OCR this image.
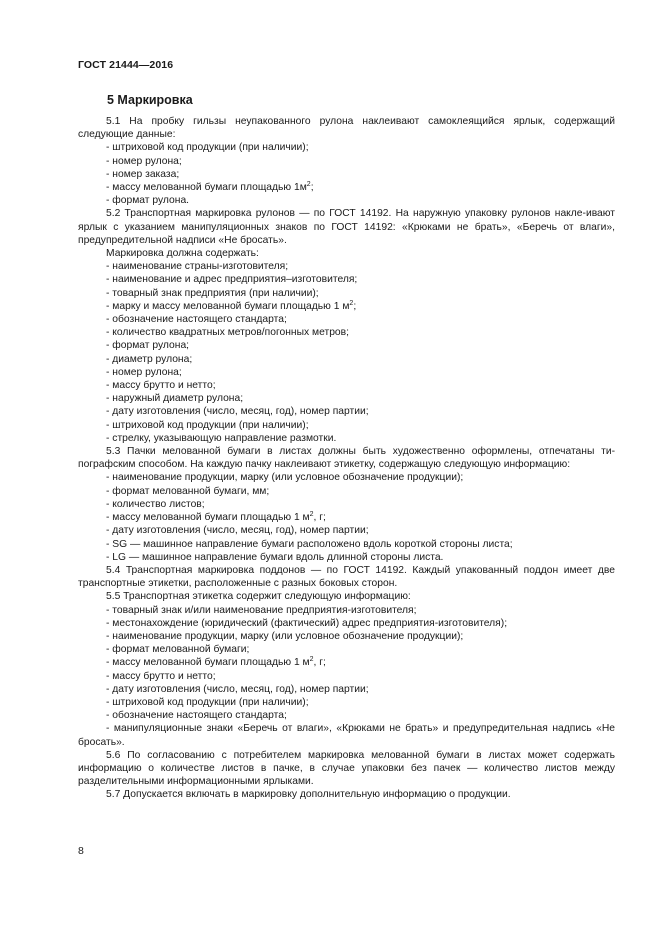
ГОСТ 21444—2016
5 Маркировка

5.1 На пробку гильзы неупакованного рулона наклеивают самоклеящийся ярлык, содержащий следующие данные:

- штриховой код продукции (при наличии);
- номер рулона;
- номер заказа;
- массу мелованной бумаги площадью $1м^2$;
- формат рулона.

5.2 Транспортная маркировка рулонов — по ГОСТ 14192. На наружную упаковку рулонов накле-ивают ярлык с указанием манипуляционных знаков по ГОСТ 14192: «Крюками не брать», «Беречь от влаги», предупредительной надписи «Не бросать».

Маркировка должна содержать:

- наименование страны-изготовителя;
- наименование и адрес предприятия–изготовителя;
- товарный знак предприятия (при наличии);
- марку и массу мелованной бумаги площадью 1 $м^2$;
- обозначение настоящего стандарта;
- количество квадратных метров/погонных метров;
- формат рулона;
- диаметр рулона;
- номер рулона;
- массу брутто и нетто;
- наружный диаметр рулона;
- дату изготовления (число, месяц, год), номер партии;
- штриховой код продукции (при наличии);
- стрелку, указывающую направление размотки.

5.3 Пачки мелованной бумаги в листах должны быть художественно оформлены, отпечатаны ти-пографским способом. На каждую пачку наклеивают этикетку, содержащую следующую информацию:

- наименование продукции, марку (или условное обозначение продукции);
- формат мелованной бумаги, мм;
- количество листов;
- массу мелованной бумаги площадью 1 $м^2$, г;
- дату изготовления (число, месяц, год), номер партии;
- SG — машинное направление бумаги расположено вдоль короткой стороны листа;
- LG — машинное направление бумаги вдоль длинной стороны листа.

5.4 Транспортная маркировка поддонов — по ГОСТ 14192. Каждый упакованный поддон имеет две транспортные этикетки, расположенные с разных боковых сторон.

5.5 Транспортная этикетка содержит следующую информацию:

- товарный знак и/или наименование предприятия-изготовителя;
- местонахождение (юридический (фактический) адрес предприятия-изготовителя);
- наименование продукции, марку (или условное обозначение продукции);
- формат мелованной бумаги;
- массу мелованной бумаги площадью 1 $м^2$, г;
- массу брутто и нетто;
- дату изготовления (число, месяц, год), номер партии;
- штриховой код продукции (при наличии);
- обозначение настоящего стандарта;

- манипуляционные знаки «Беречь от влаги», «Крюками не брать» и предупредительная надпись «Не бросать».

5.6 По согласованию с потребителем маркировка мелованной бумаги в листах может содержать информацию о количестве листов в пачке, в случае упаковки без пачек — количество листов между разделительными информационными ярлыками.

5.7 Допускается включать в маркировку дополнительную информацию о продукции.

8
